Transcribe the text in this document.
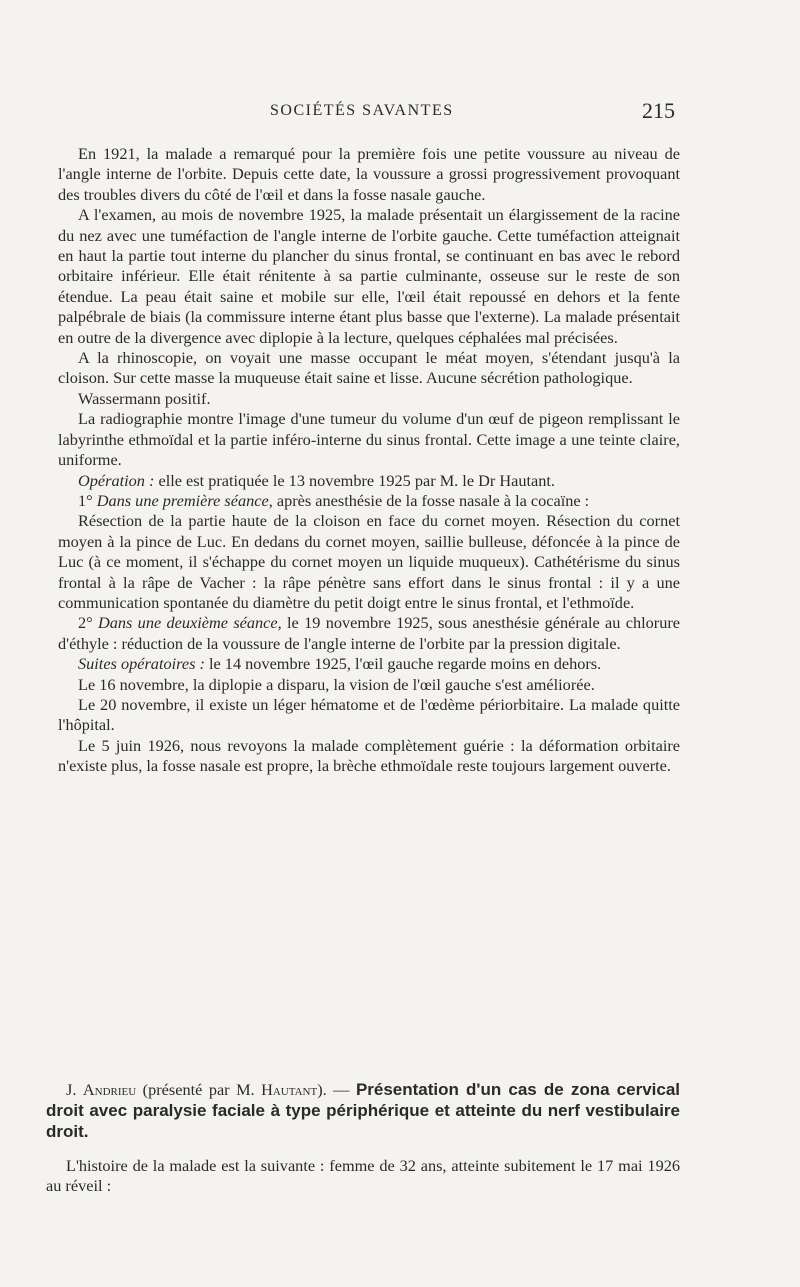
SOCIÉTÉS SAVANTES	215

En 1921, la malade a remarqué pour la première fois une petite voussure au niveau de l'angle interne de l'orbite. Depuis cette date, la voussure a grossi progressivement provoquant des troubles divers du côté de l'œil et dans la fosse nasale gauche.

A l'examen, au mois de novembre 1925, la malade présentait un élargissement de la racine du nez avec une tuméfaction de l'angle interne de l'orbite gauche. Cette tuméfaction atteignait en haut la partie tout interne du plancher du sinus frontal, se continuant en bas avec le rebord orbitaire inférieur. Elle était rénitente à sa partie culminante, osseuse sur le reste de son étendue. La peau était saine et mobile sur elle, l'œil était repoussé en dehors et la fente palpébrale de biais (la commissure interne étant plus basse que l'externe). La malade présentait en outre de la divergence avec diplopie à la lecture, quelques céphalées mal précisées.

A la rhinoscopie, on voyait une masse occupant le méat moyen, s'étendant jusqu'à la cloison. Sur cette masse la muqueuse était saine et lisse. Aucune sécrétion pathologique.

Wassermann positif.

La radiographie montre l'image d'une tumeur du volume d'un œuf de pigeon remplissant le labyrinthe ethmoïdal et la partie inféro-interne du sinus frontal. Cette image a une teinte claire, uniforme.

Opération : elle est pratiquée le 13 novembre 1925 par M. le Dr Hautant.

1° Dans une première séance, après anesthésie de la fosse nasale à la cocaïne :

Résection de la partie haute de la cloison en face du cornet moyen. Résection du cornet moyen à la pince de Luc. En dedans du cornet moyen, saillie bulleuse, défoncée à la pince de Luc (à ce moment, il s'échappe du cornet moyen un liquide muqueux). Cathétérisme du sinus frontal à la râpe de Vacher : la râpe pénètre sans effort dans le sinus frontal : il y a une communication spontanée du diamètre du petit doigt entre le sinus frontal, et l'ethmoïde.

2° Dans une deuxième séance, le 19 novembre 1925, sous anesthésie générale au chlorure d'éthyle : réduction de la voussure de l'angle interne de l'orbite par la pression digitale.

Suites opératoires : le 14 novembre 1925, l'œil gauche regarde moins en dehors.

Le 16 novembre, la diplopie a disparu, la vision de l'œil gauche s'est améliorée.

Le 20 novembre, il existe un léger hématome et de l'œdème périorbitaire. La malade quitte l'hôpital.

Le 5 juin 1926, nous revoyons la malade complètement guérie : la déformation orbitaire n'existe plus, la fosse nasale est propre, la brèche ethmoïdale reste toujours largement ouverte.

J. Andrieu (présenté par M. Hautant). — Présentation d'un cas de zona cervical droit avec paralysie faciale à type périphérique et atteinte du nerf vestibulaire droit.

L'histoire de la malade est la suivante : femme de 32 ans, atteinte subitement le 17 mai 1926 au réveil :
